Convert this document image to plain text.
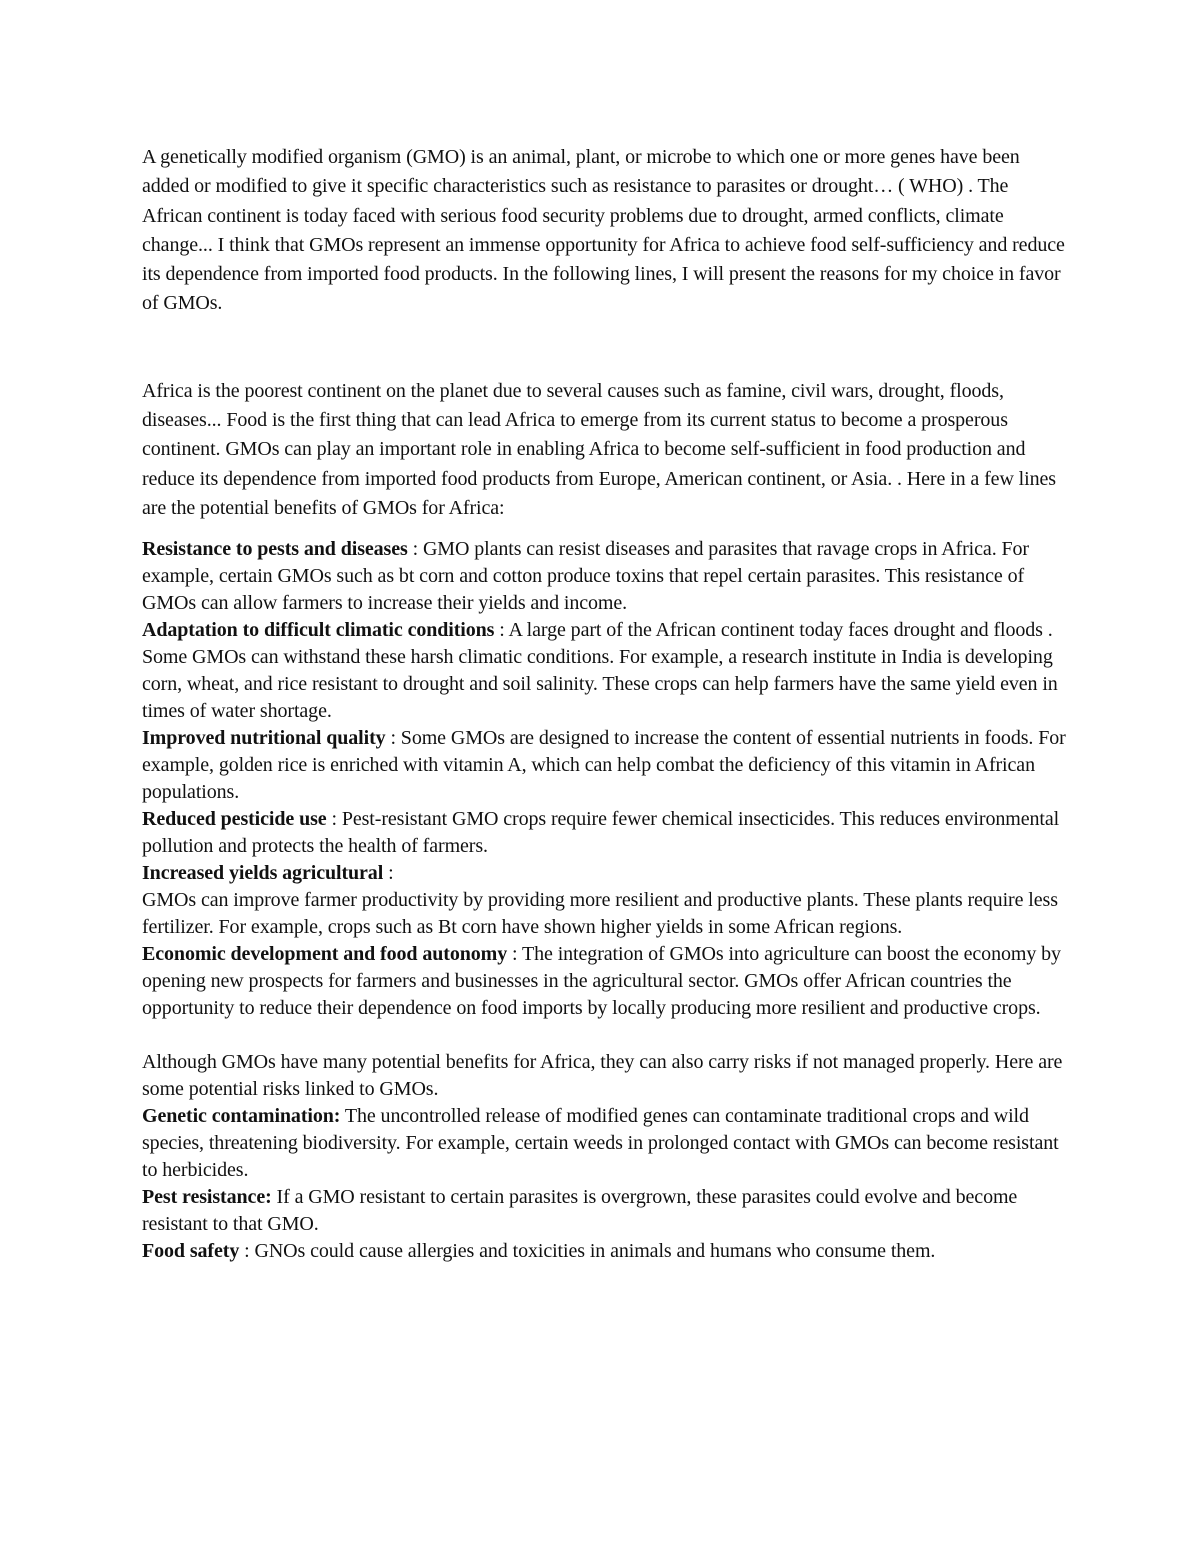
A genetically modified organism (GMO) is an animal, plant, or microbe to which one or more genes have been added or modified to give it specific characteristics such as resistance to parasites or drought… ( WHO) . The African continent is today faced with serious food security problems due to drought, armed conflicts, climate change... I think that GMOs represent an immense opportunity for Africa to achieve food self-sufficiency and reduce its dependence from imported food products. In the following lines, I will present the reasons for my choice in favor of GMOs.

Africa is the poorest continent on the planet due to several causes such as famine, civil wars, drought, floods, diseases... Food is the first thing that can lead Africa to emerge from its current status to become a prosperous continent. GMOs can play an important role in enabling Africa to become self-sufficient in food production and reduce its dependence from imported food products from Europe, American continent, or Asia. . Here in a few lines are the potential benefits of GMOs for Africa:

Resistance to pests and diseases : GMO plants can resist diseases and parasites that ravage crops in Africa. For example, certain GMOs such as bt corn and cotton produce toxins that repel certain parasites. This resistance of GMOs can allow farmers to increase their yields and income.

Adaptation to difficult climatic conditions : A large part of the African continent today faces drought and floods . Some GMOs can withstand these harsh climatic conditions. For example, a research institute in India is developing corn, wheat, and rice resistant to drought and soil salinity. These crops can help farmers have the same yield even in times of water shortage.

Improved nutritional quality : Some GMOs are designed to increase the content of essential nutrients in foods. For example, golden rice is enriched with vitamin A, which can help combat the deficiency of this vitamin in African populations.

Reduced pesticide use : Pest-resistant GMO crops require fewer chemical insecticides. This reduces environmental pollution and protects the health of farmers.

Increased yields agricultural :

GMOs can improve farmer productivity by providing more resilient and productive plants. These plants require less fertilizer. For example, crops such as Bt corn have shown higher yields in some African regions.

Economic development and food autonomy : The integration of GMOs into agriculture can boost the economy by opening new prospects for farmers and businesses in the agricultural sector. GMOs offer African countries the opportunity to reduce their dependence on food imports by locally producing more resilient and productive crops.

Although GMOs have many potential benefits for Africa, they can also carry risks if not managed properly. Here are some potential risks linked to GMOs.

Genetic contamination: The uncontrolled release of modified genes can contaminate traditional crops and wild species, threatening biodiversity. For example, certain weeds in prolonged contact with GMOs can become resistant to herbicides.

Pest resistance: If a GMO resistant to certain parasites is overgrown, these parasites could evolve and become resistant to that GMO.

Food safety : GNOs could cause allergies and toxicities in animals and humans who consume them.
